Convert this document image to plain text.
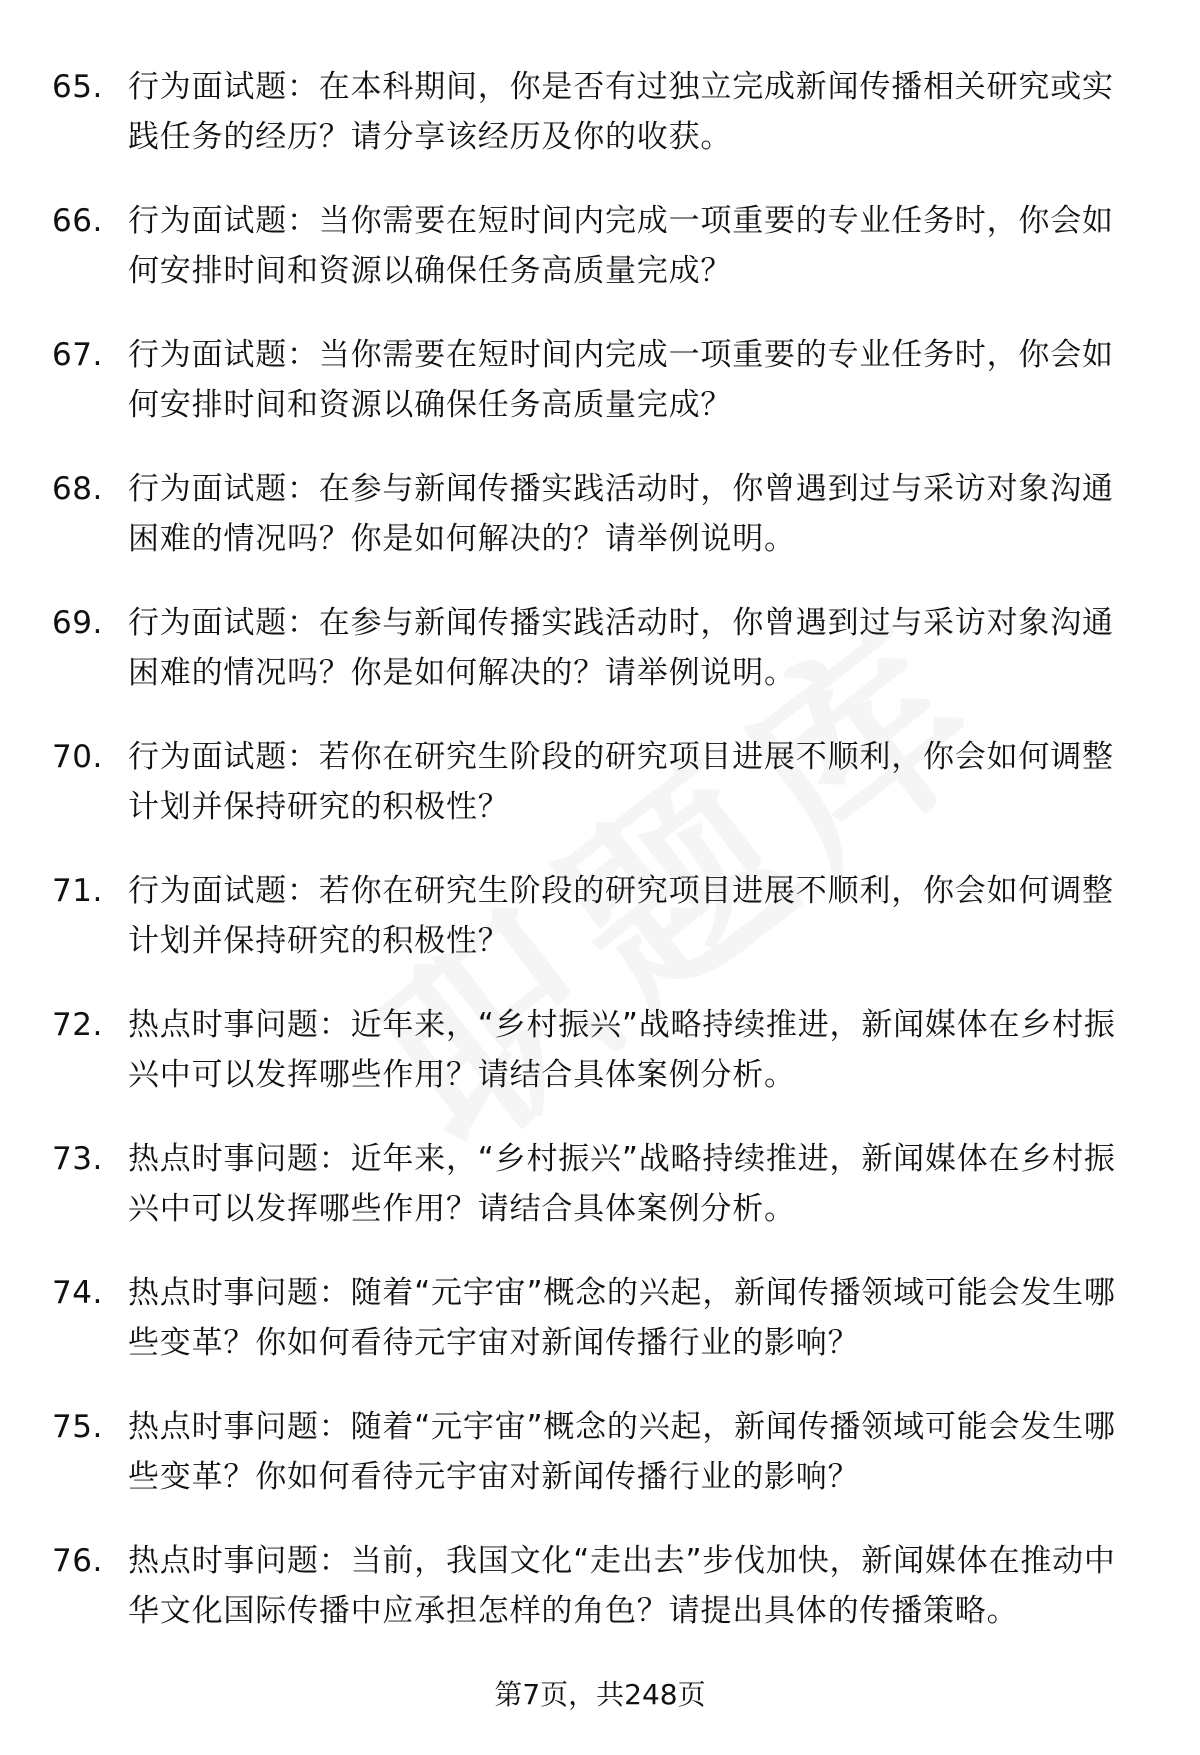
65. 行为面试题：在本科期间，你是否有过独立完成新闻传播相关研究或实践任务的经历？请分享该经历及你的收获。
66. 行为面试题：当你需要在短时间内完成一项重要的专业任务时，你会如何安排时间和资源以确保任务高质量完成？
67. 行为面试题：当你需要在短时间内完成一项重要的专业任务时，你会如何安排时间和资源以确保任务高质量完成？
68. 行为面试题：在参与新闻传播实践活动时，你曾遇到过与采访对象沟通困难的情况吗？你是如何解决的？请举例说明。
69. 行为面试题：在参与新闻传播实践活动时，你曾遇到过与采访对象沟通困难的情况吗？你是如何解决的？请举例说明。
70. 行为面试题：若你在研究生阶段的研究项目进展不顺利，你会如何调整计划并保持研究的积极性？
71. 行为面试题：若你在研究生阶段的研究项目进展不顺利，你会如何调整计划并保持研究的积极性？
72. 热点时事问题：近年来，“乡村振兴”战略持续推进，新闻媒体在乡村振兴中可以发挥哪些作用？请结合具体案例分析。
73. 热点时事问题：近年来，“乡村振兴”战略持续推进，新闻媒体在乡村振兴中可以发挥哪些作用？请结合具体案例分析。
74. 热点时事问题：随着“元宇宙”概念的兴起，新闻传播领域可能会发生哪些变革？你如何看待元宇宙对新闻传播行业的影响？
75. 热点时事问题：随着“元宇宙”概念的兴起，新闻传播领域可能会发生哪些变革？你如何看待元宇宙对新闻传播行业的影响？
76. 热点时事问题：当前，我国文化“走出去”步伐加快，新闻媒体在推动中华文化国际传播中应承担怎样的角色？请提出具体的传播策略。
第7页，共248页
